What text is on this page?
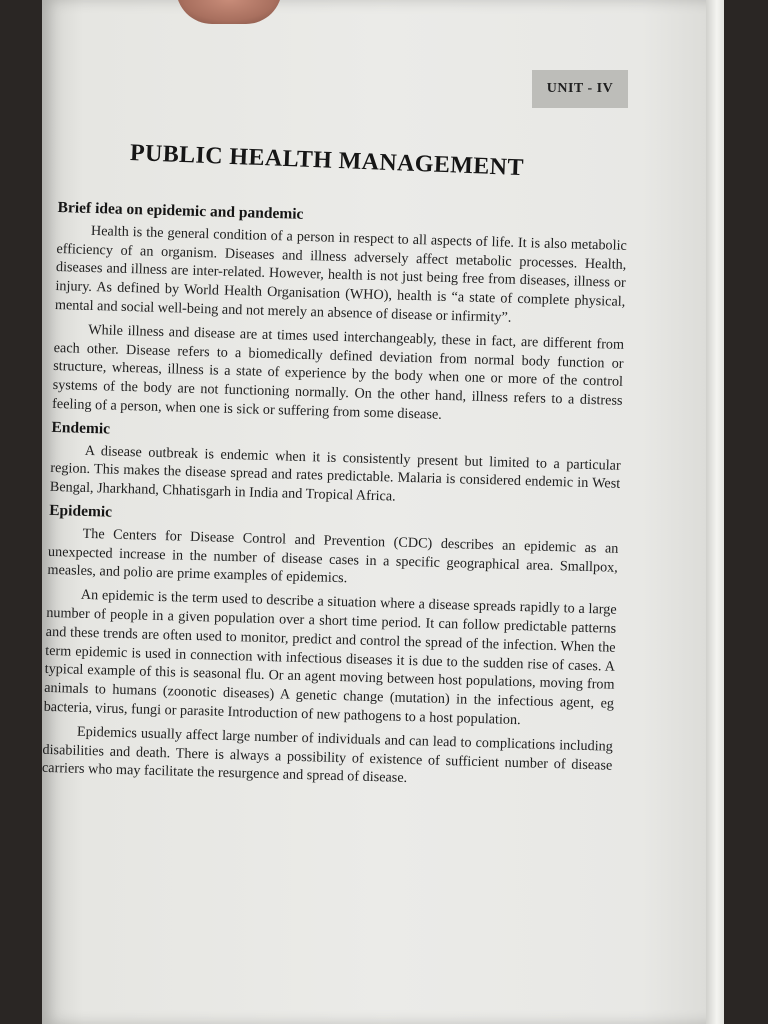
UNIT - IV
PUBLIC HEALTH MANAGEMENT
Brief idea on epidemic and pandemic

Health is the general condition of a person in respect to all aspects of life. It is also metabolic efficiency of an organism. Diseases and illness adversely affect metabolic processes. Health, diseases and illness are inter-related. However, health is not just being free from diseases, illness or injury. As defined by World Health Organisation (WHO), health is “a state of complete physical, mental and social well-being and not merely an absence of disease or infirmity”.

While illness and disease are at times used interchangeably, these in fact, are different from each other. Disease refers to a biomedically defined deviation from normal body function or structure, whereas, illness is a state of experience by the body when one or more of the control systems of the body are not functioning normally. On the other hand, illness refers to a distress feeling of a person, when one is sick or suffering from some disease.

Endemic

A disease outbreak is endemic when it is consistently present but limited to a particular region. This makes the disease spread and rates predictable. Malaria is considered endemic in West Bengal, Jharkhand, Chhatisgarh in India and Tropical Africa.

Epidemic

The Centers for Disease Control and Prevention (CDC) describes an epidemic as an unexpected increase in the number of disease cases in a specific geographical area. Smallpox, measles, and polio are prime examples of epidemics.

An epidemic is the term used to describe a situation where a disease spreads rapidly to a large number of people in a given population over a short time period. It can follow predictable patterns and these trends are often used to monitor, predict and control the spread of the infection. When the term epidemic is used in connection with infectious diseases it is due to the sudden rise of cases. A typical example of this is seasonal flu. Or an agent moving between host populations, moving from animals to humans (zoonotic diseases) A genetic change (mutation) in the infectious agent, eg bacteria, virus, fungi or parasite Introduction of new pathogens to a host population.

Epidemics usually affect large number of individuals and can lead to complications including disabilities and death. There is always a possibility of existence of sufficient number of disease carriers who may facilitate the resurgence and spread of disease.
